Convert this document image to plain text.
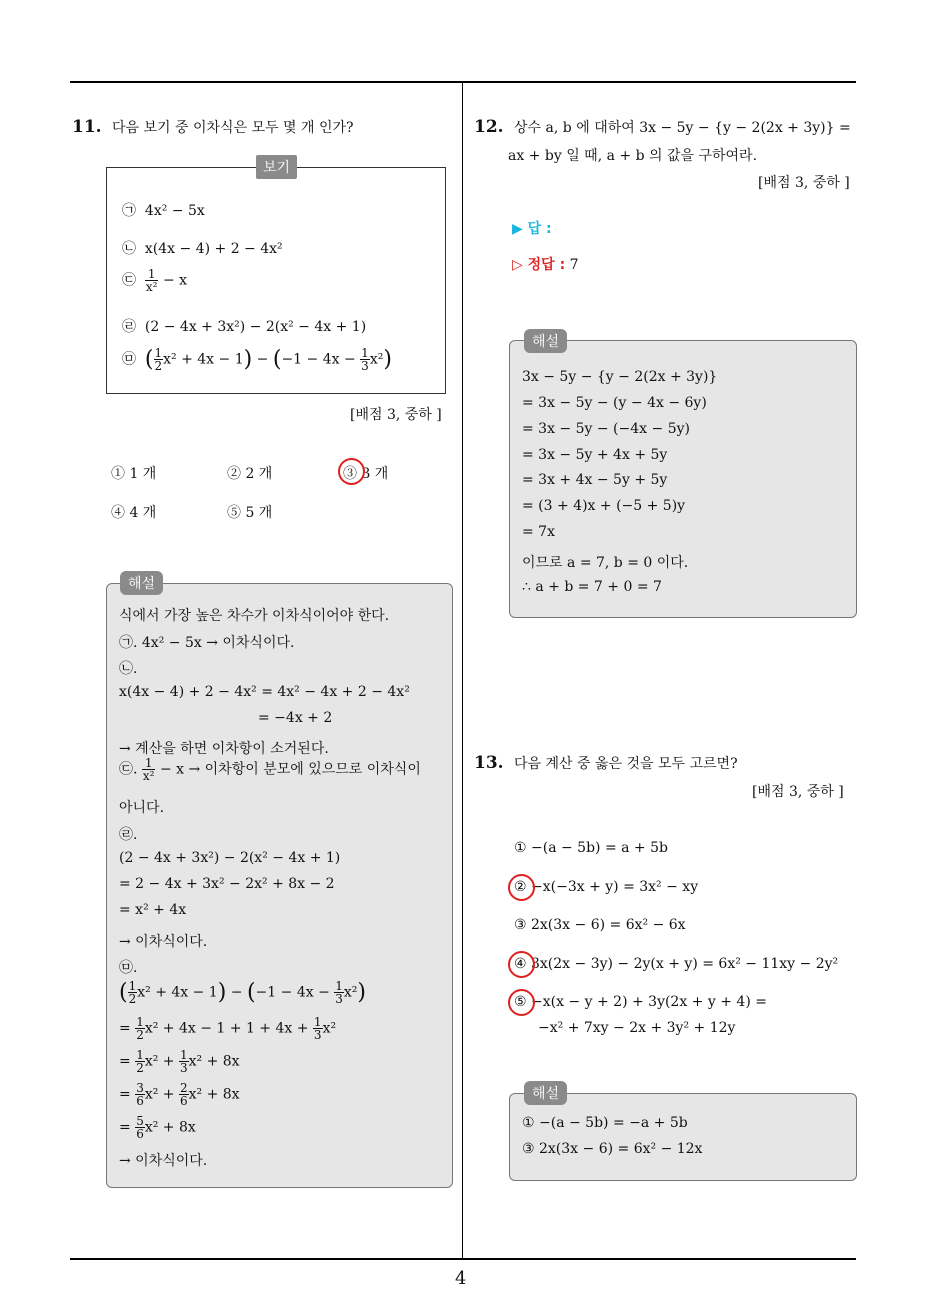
4
11. 다음 보기 중 이차식은 모두 몇 개 인가?
보기
㉠ 4x² − 5x
㉡ x(4x − 4) + 2 − 4x²
㉢ $\frac{1}{\text{x²}} - x$
㉣ (2 − 4x + 3x²) − 2(x² − 4x + 1)
㉤ ( $\frac{1}{2} x^2 + 4x - 1) - (-1 - 4x - \frac{1}{3} x^2)$
[배점 3, 중하 ]
① 1 개	② 2 개	③ 3 개
④ 4 개	⑤ 5 개
해설
식에서 가장 높은 차수가 이차식이어야 한다.
㉠. 4x² − 5x → 이차식이다.
㉡.
x(4x − 4) + 2 − 4x² = 4x² − 4x + 2 − 4x²
= −4x + 2
→ 계산을 하면 이차항이 소거된다.
㉢. $\frac{1}{\text{x²}} - x$ → 이차항이 분모에 있으므로 이차식이
아니다.
㉣.
(2 − 4x + 3x²) − 2(x² − 4x + 1)
= 2 − 4x + 3x² − 2x² + 8x − 2
= x² + 4x
→ 이차식이다.
㉤.
( $\frac{1}{2} x^2 + 4x - 1) - (-1 - 4x - \frac{1}{3} x^2)$
= $\frac{1}{2} x^2 + 4x - 1 + 1 + 4x + \frac{1}{3} x^2$
= $\frac{1}{2} x^2 + \frac{1}{3} x^2 + 8x$
= $\frac{3}{6} x^2 + \frac{2}{6} x^2 + 8x$
= $\frac{5}{6} x^2 + 8x$
→ 이차식이다.
12. 상수 a, b 에 대하여 3x − 5y − {y − 2(2x + 3y)} =
ax + by 일 때, a + b 의 값을 구하여라.
[배점 3, 중하 ]
▶ 답 :
▷ 정답 : 7
해설
3x − 5y − {y − 2(2x + 3y)}
= 3x − 5y − (y − 4x − 6y)
= 3x − 5y − (−4x − 5y)
= 3x − 5y + 4x + 5y
= 3x + 4x − 5y + 5y
= (3 + 4)x + (−5 + 5)y
= 7x
이므로 a = 7, b = 0 이다.
∴ a + b = 7 + 0 = 7
13. 다음 계산 중 옳은 것을 모두 고르면?
[배점 3, 중하 ]
① −(a − 5b) = a + 5b
② −x(−3x + y) = 3x² − xy
③ 2x(3x − 6) = 6x² − 6x
④ 3x(2x − 3y) − 2y(x + y) = 6x² − 11xy − 2y²
⑤ −x(x − y + 2) + 3y(2x + y + 4) =
−x² + 7xy − 2x + 3y² + 12y
해설
① −(a − 5b) = −a + 5b
③ 2x(3x − 6) = 6x² − 12x
